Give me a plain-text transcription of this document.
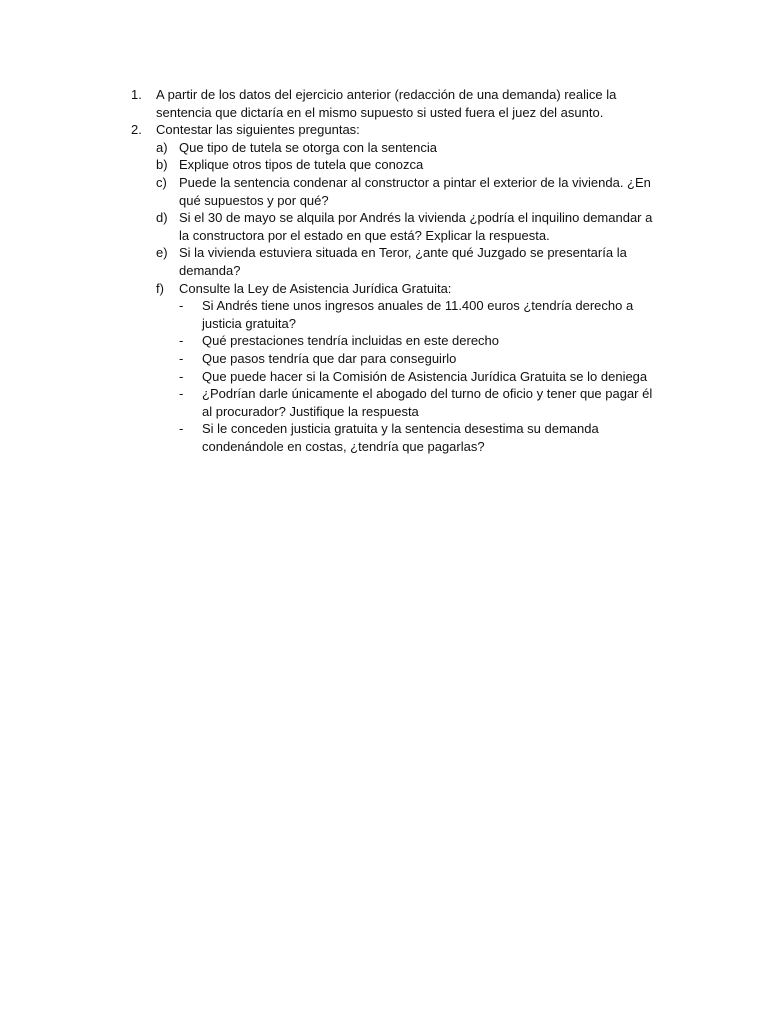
1. A partir de los datos del ejercicio anterior (redacción de una demanda) realice la sentencia que dictaría en el mismo supuesto si usted fuera el juez del asunto.
2. Contestar las siguientes preguntas:
a) Que tipo de tutela se otorga con la sentencia
b) Explique otros tipos de tutela que conozca
c) Puede la sentencia condenar al constructor a pintar el exterior de la vivienda. ¿En qué supuestos y por qué?
d) Si el 30 de mayo se alquila por Andrés la vivienda ¿podría el inquilino demandar a la constructora por el estado en que está? Explicar la respuesta.
e) Si la vivienda estuviera situada en Teror, ¿ante qué Juzgado se presentaría la demanda?
f) Consulte la Ley de Asistencia Jurídica Gratuita:
- Si Andrés tiene unos ingresos anuales de 11.400 euros ¿tendría derecho a justicia gratuita?
- Qué prestaciones tendría incluidas en este derecho
- Que pasos tendría que dar para conseguirlo
- Que puede hacer si la Comisión de Asistencia Jurídica Gratuita se lo deniega
- ¿Podrían darle únicamente el abogado del turno de oficio y tener que pagar él al procurador? Justifique la respuesta
- Si le conceden justicia gratuita y la sentencia desestima su demanda condenándole en costas, ¿tendría que pagarlas?
